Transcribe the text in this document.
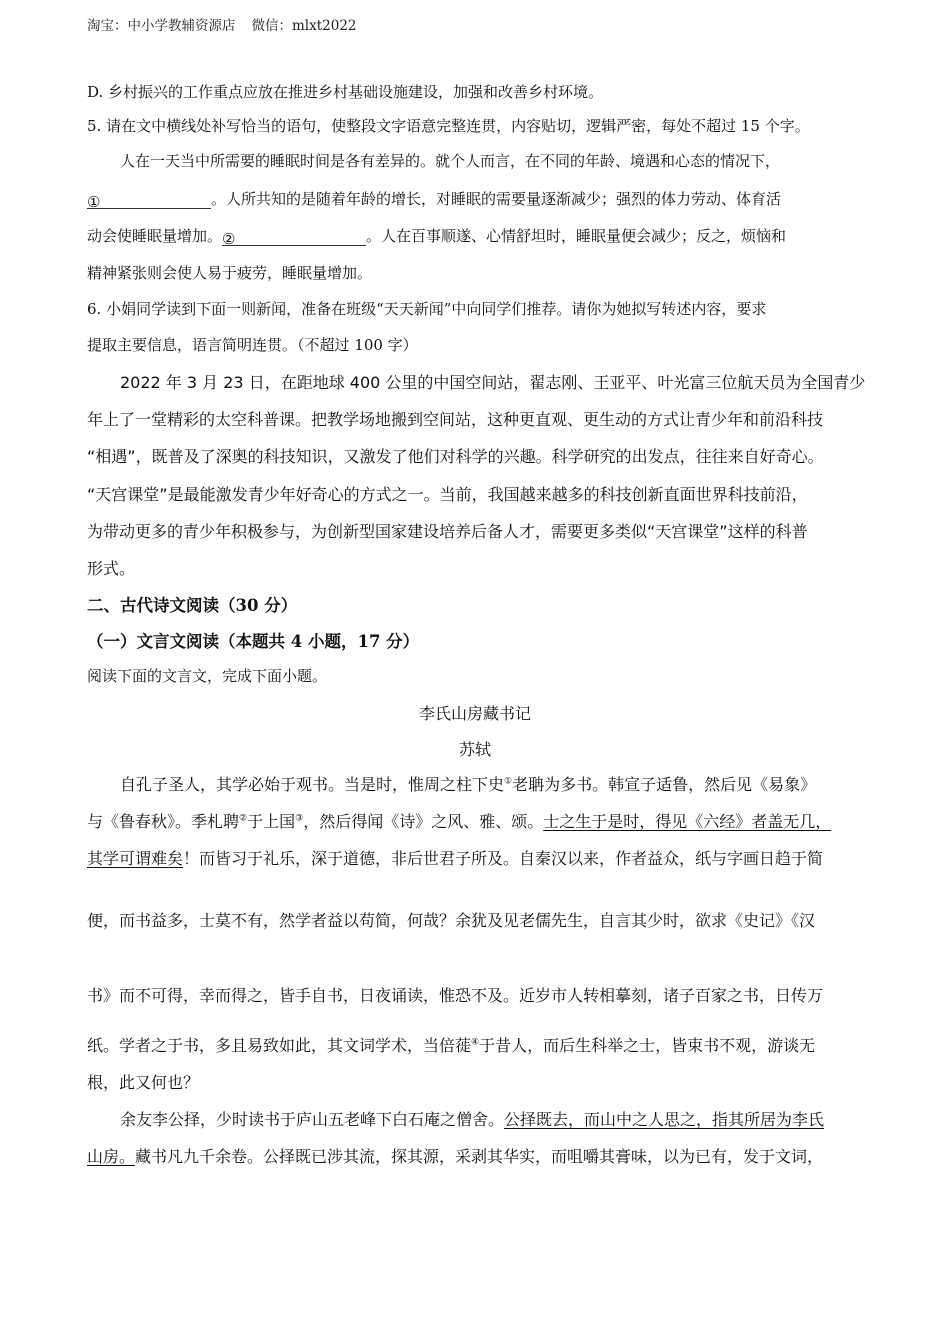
淘宝：中小学教辅资源店 微信：mlxt2022
D. 乡村振兴的工作重点应放在推进乡村基础设施建设，加强和改善乡村环境。
5. 请在文中横线处补写恰当的语句，使整段文字语意完整连贯，内容贴切，逻辑严密，每处不超过 15 个字。
人在一天当中所需要的睡眠时间是各有差异的。就个人而言，在不同的年龄、境遇和心态的情况下，
①	。人所共知的是随着年龄的增长，对睡眠的需要量逐渐减少；强烈的体力劳动、体育活
动会使睡眠量增加。②	。人在百事顺遂、心情舒坦时，睡眠量便会减少；反之，烦恼和
精神紧张则会使人易于疲劳，睡眠量增加。
6. 小娟同学读到下面一则新闻，准备在班级“天天新闻”中向同学们推荐。请你为她拟写转述内容，要求
提取主要信息，语言简明连贯。（不超过 100 字）
2022 年 3 月 23 日，在距地球 400 公里的中国空间站，翟志刚、王亚平、叶光富三位航天员为全国青少
年上了一堂精彩的太空科普课。把教学场地搬到空间站，这种更直观、更生动的方式让青少年和前沿科技
“相遇”，既普及了深奥的科技知识，又激发了他们对科学的兴趣。科学研究的出发点，往往来自好奇心。
“天宫课堂”是最能激发青少年好奇心的方式之一。当前，我国越来越多的科技创新直面世界科技前沿，
为带动更多的青少年积极参与，为创新型国家建设培养后备人才，需要更多类似“天宫课堂”这样的科普
形式。
二、古代诗文阅读（30 分）
（一）文言文阅读（本题共 4 小题，17 分）
阅读下面的文言文，完成下面小题。
李氏山房藏书记
苏轼
自孔子圣人，其学必始于观书。当是时，惟周之柱下史①老聃为多书。韩宣子适鲁，然后见《易象》
与《鲁春秋》。季札聘②于上国③，然后得闻《诗》之风、雅、颂。士之生于是时，得见《六经》者盖无几，
其学可谓难矣！而皆习于礼乐，深于道德，非后世君子所及。自秦汉以来，作者益众，纸与字画日趋于简
便，而书益多，士莫不有，然学者益以苟简，何哉？余犹及见老儒先生，自言其少时，欲求《史记》《汉
书》而不可得，幸而得之，皆手自书，日夜诵读，惟恐不及。近岁市人转相摹刻，诸子百家之书，日传万
纸。学者之于书，多且易致如此，其文词学术，当倍蓰④于昔人，而后生科举之士，皆束书不观，游谈无
根，此又何也？
余友李公择，少时读书于庐山五老峰下白石庵之僧舍。公择既去，而山中之人思之，指其所居为李氏
山房。藏书凡九千余卷。公择既已涉其流，探其源，采剥其华实，而咀嚼其膏味，以为已有，发于文词，
